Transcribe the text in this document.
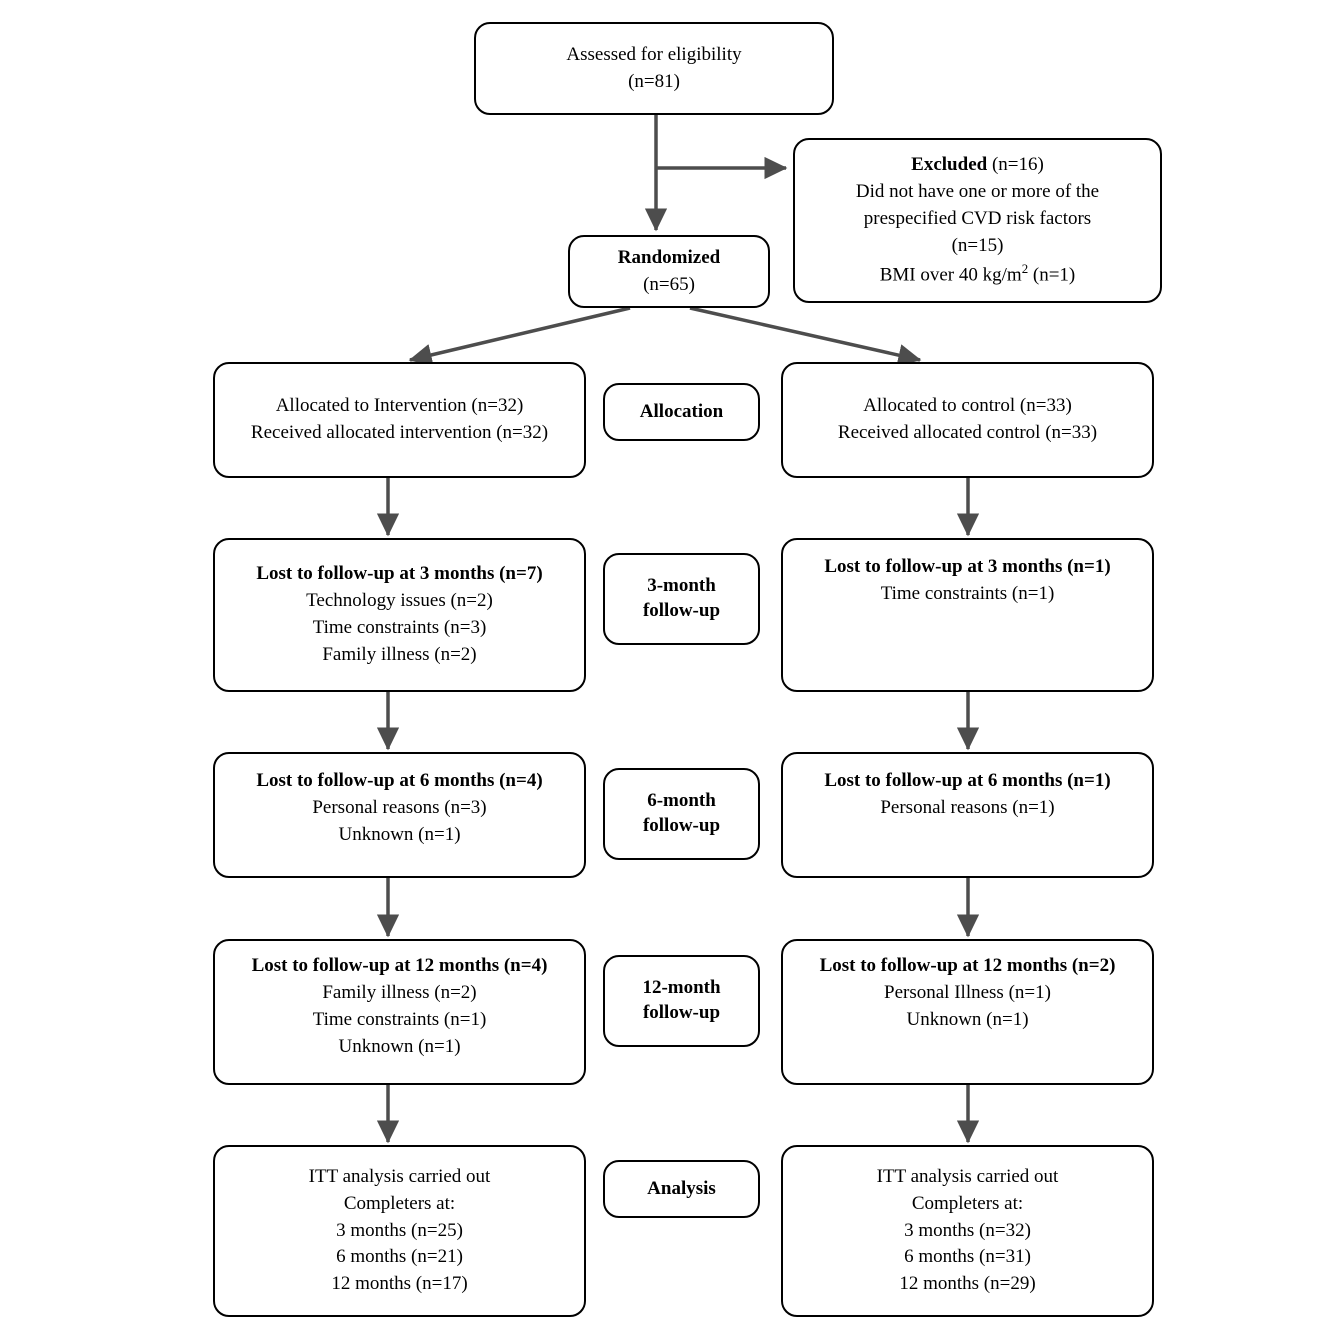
Assessed for eligibility
(n=81)
Excluded (n=16)
Did not have one or more of the
prespecified CVD risk factors
(n=15)
BMI over 40 $kg/m^2$ (n=1)
Randomized
(n=65)
Allocation
Allocated to Intervention (n=32)
Received allocated intervention (n=32)
Allocated to control (n=33)
Received allocated control (n=33)
3-month
follow-up
Lost to follow-up at 3 months (n=7)
Technology issues (n=2)
Time constraints (n=3)
Family illness (n=2)
Lost to follow-up at 3 months (n=1)
Time constraints (n=1)
6-month
follow-up
Lost to follow-up at 6 months (n=4)
Personal reasons (n=3)
Unknown (n=1)
Lost to follow-up at 6 months (n=1)
Personal reasons (n=1)
12-month
follow-up
Lost to follow-up at 12 months (n=4)
Family illness (n=2)
Time constraints (n=1)
Unknown (n=1)
Lost to follow-up at 12 months (n=2)
Personal Illness (n=1)
Unknown (n=1)
Analysis
ITT analysis carried out
Completers at:
3 months (n=25)
6 months (n=21)
12 months (n=17)
ITT analysis carried out
Completers at:
3 months (n=32)
6 months (n=31)
12 months (n=29)
